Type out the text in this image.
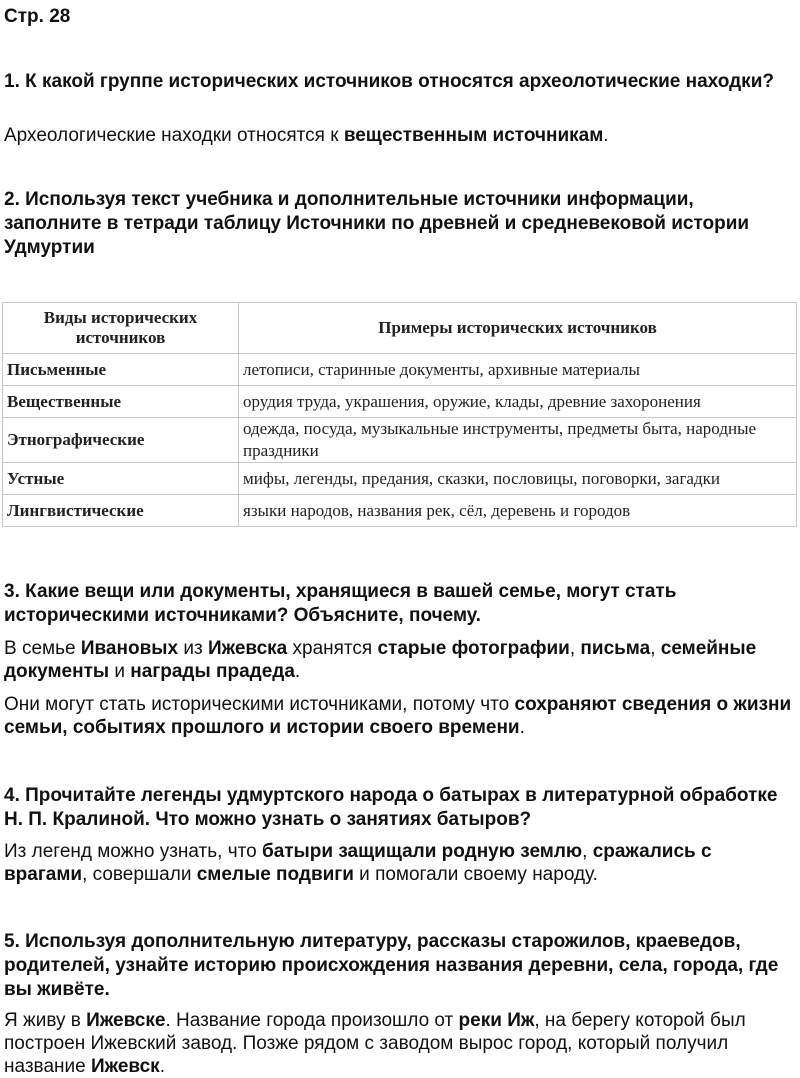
Стр. 28

1. К какой группе исторических источников относятся археолотические находки?

Археологические находки относятся к вещественным источникам.

2. Используя текст учебника и дополнительные источники информации, заполните в тетради таблицу Источники по древней и средневековой истории Удмуртии

Виды исторических источников	Примеры исторических источников
Письменные	летописи, старинные документы, архивные материалы
Вещественные	орудия труда, украшения, оружие, клады, древние захоронения
Этнографические	одежда, посуда, музыкальные инструменты, предметы быта, народные праздники
Устные	мифы, легенды, предания, сказки, пословицы, поговорки, загадки
Лингвистические	языки народов, названия рек, сёл, деревень и городов

3. Какие вещи или документы, хранящиеся в вашей семье, могут стать историческими источниками? Объясните, почему.

В семье Ивановых из Ижевска хранятся старые фотографии, письма, семейные документы и награды прадеда.

Они могут стать историческими источниками, потому что сохраняют сведения о жизни семьи, событиях прошлого и истории своего времени.

4. Прочитайте легенды удмуртского народа о батырах в литературной обработке Н. П. Кралиной. Что можно узнать о занятиях батыров?

Из легенд можно узнать, что батыри защищали родную землю, сражались с врагами, совершали смелые подвиги и помогали своему народу.

5. Используя дополнительную литературу, рассказы старожилов, краеведов, родителей, узнайте историю происхождения названия деревни, села, города, где вы живёте.

Я живу в Ижевске. Название города произошло от реки Иж, на берегу которой был построен Ижевский завод. Позже рядом с заводом вырос город, который получил название Ижевск.
